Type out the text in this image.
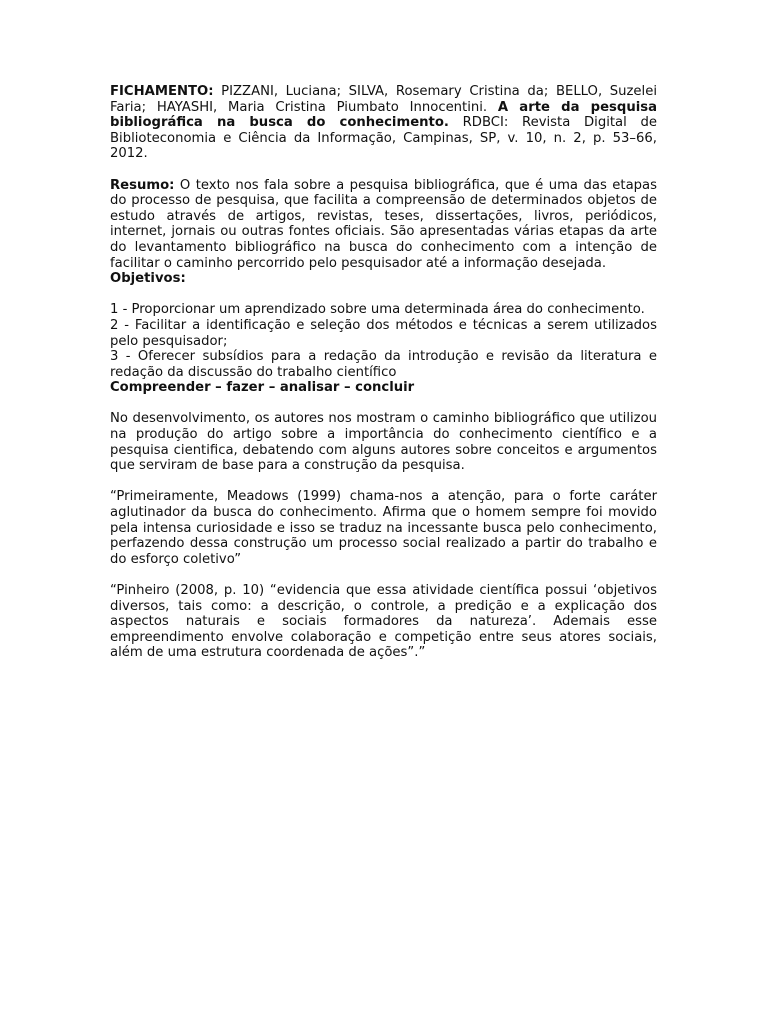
FICHAMENTO: PIZZANI, Luciana; SILVA, Rosemary Cristina da; BELLO, Suzelei Faria; HAYASHI, Maria Cristina Piumbato Innocentini. A arte da pesquisa bibliográfica na busca do conhecimento. RDBCI: Revista Digital de Biblioteconomia e Ciência da Informação, Campinas, SP, v. 10, n. 2, p. 53–66, 2012.

Resumo: O texto nos fala sobre a pesquisa bibliográfica, que é uma das etapas do processo de pesquisa, que facilita a compreensão de determinados objetos de estudo através de artigos, revistas, teses, dissertações, livros, periódicos, internet, jornais ou outras fontes oficiais. São apresentadas várias etapas da arte do levantamento bibliográfico na busca do conhecimento com a intenção de facilitar o caminho percorrido pelo pesquisador até a informação desejada.

Objetivos:

1 - Proporcionar um aprendizado sobre uma determinada área do conhecimento.

2 - Facilitar a identificação e seleção dos métodos e técnicas a serem utilizados pelo pesquisador;

3 - Oferecer subsídios para a redação da introdução e revisão da literatura e redação da discussão do trabalho científico

Compreender – fazer – analisar – concluir

No desenvolvimento, os autores nos mostram o caminho bibliográfico que utilizou na produção do artigo sobre a importância do conhecimento científico e a pesquisa cientifica, debatendo com alguns autores sobre conceitos e argumentos que serviram de base para a construção da pesquisa.

“Primeiramente, Meadows (1999) chama-nos a atenção, para o forte caráter aglutinador da busca do conhecimento. Afirma que o homem sempre foi movido pela intensa curiosidade e isso se traduz na incessante busca pelo conhecimento, perfazendo dessa construção um processo social realizado a partir do trabalho e do esforço coletivo”

“Pinheiro (2008, p. 10) “evidencia que essa atividade científica possui ‘objetivos diversos, tais como: a descrição, o controle, a predição e a explicação dos aspectos naturais e sociais formadores da natureza’. Ademais esse empreendimento envolve colaboração e competição entre seus atores sociais, além de uma estrutura coordenada de ações”.”
